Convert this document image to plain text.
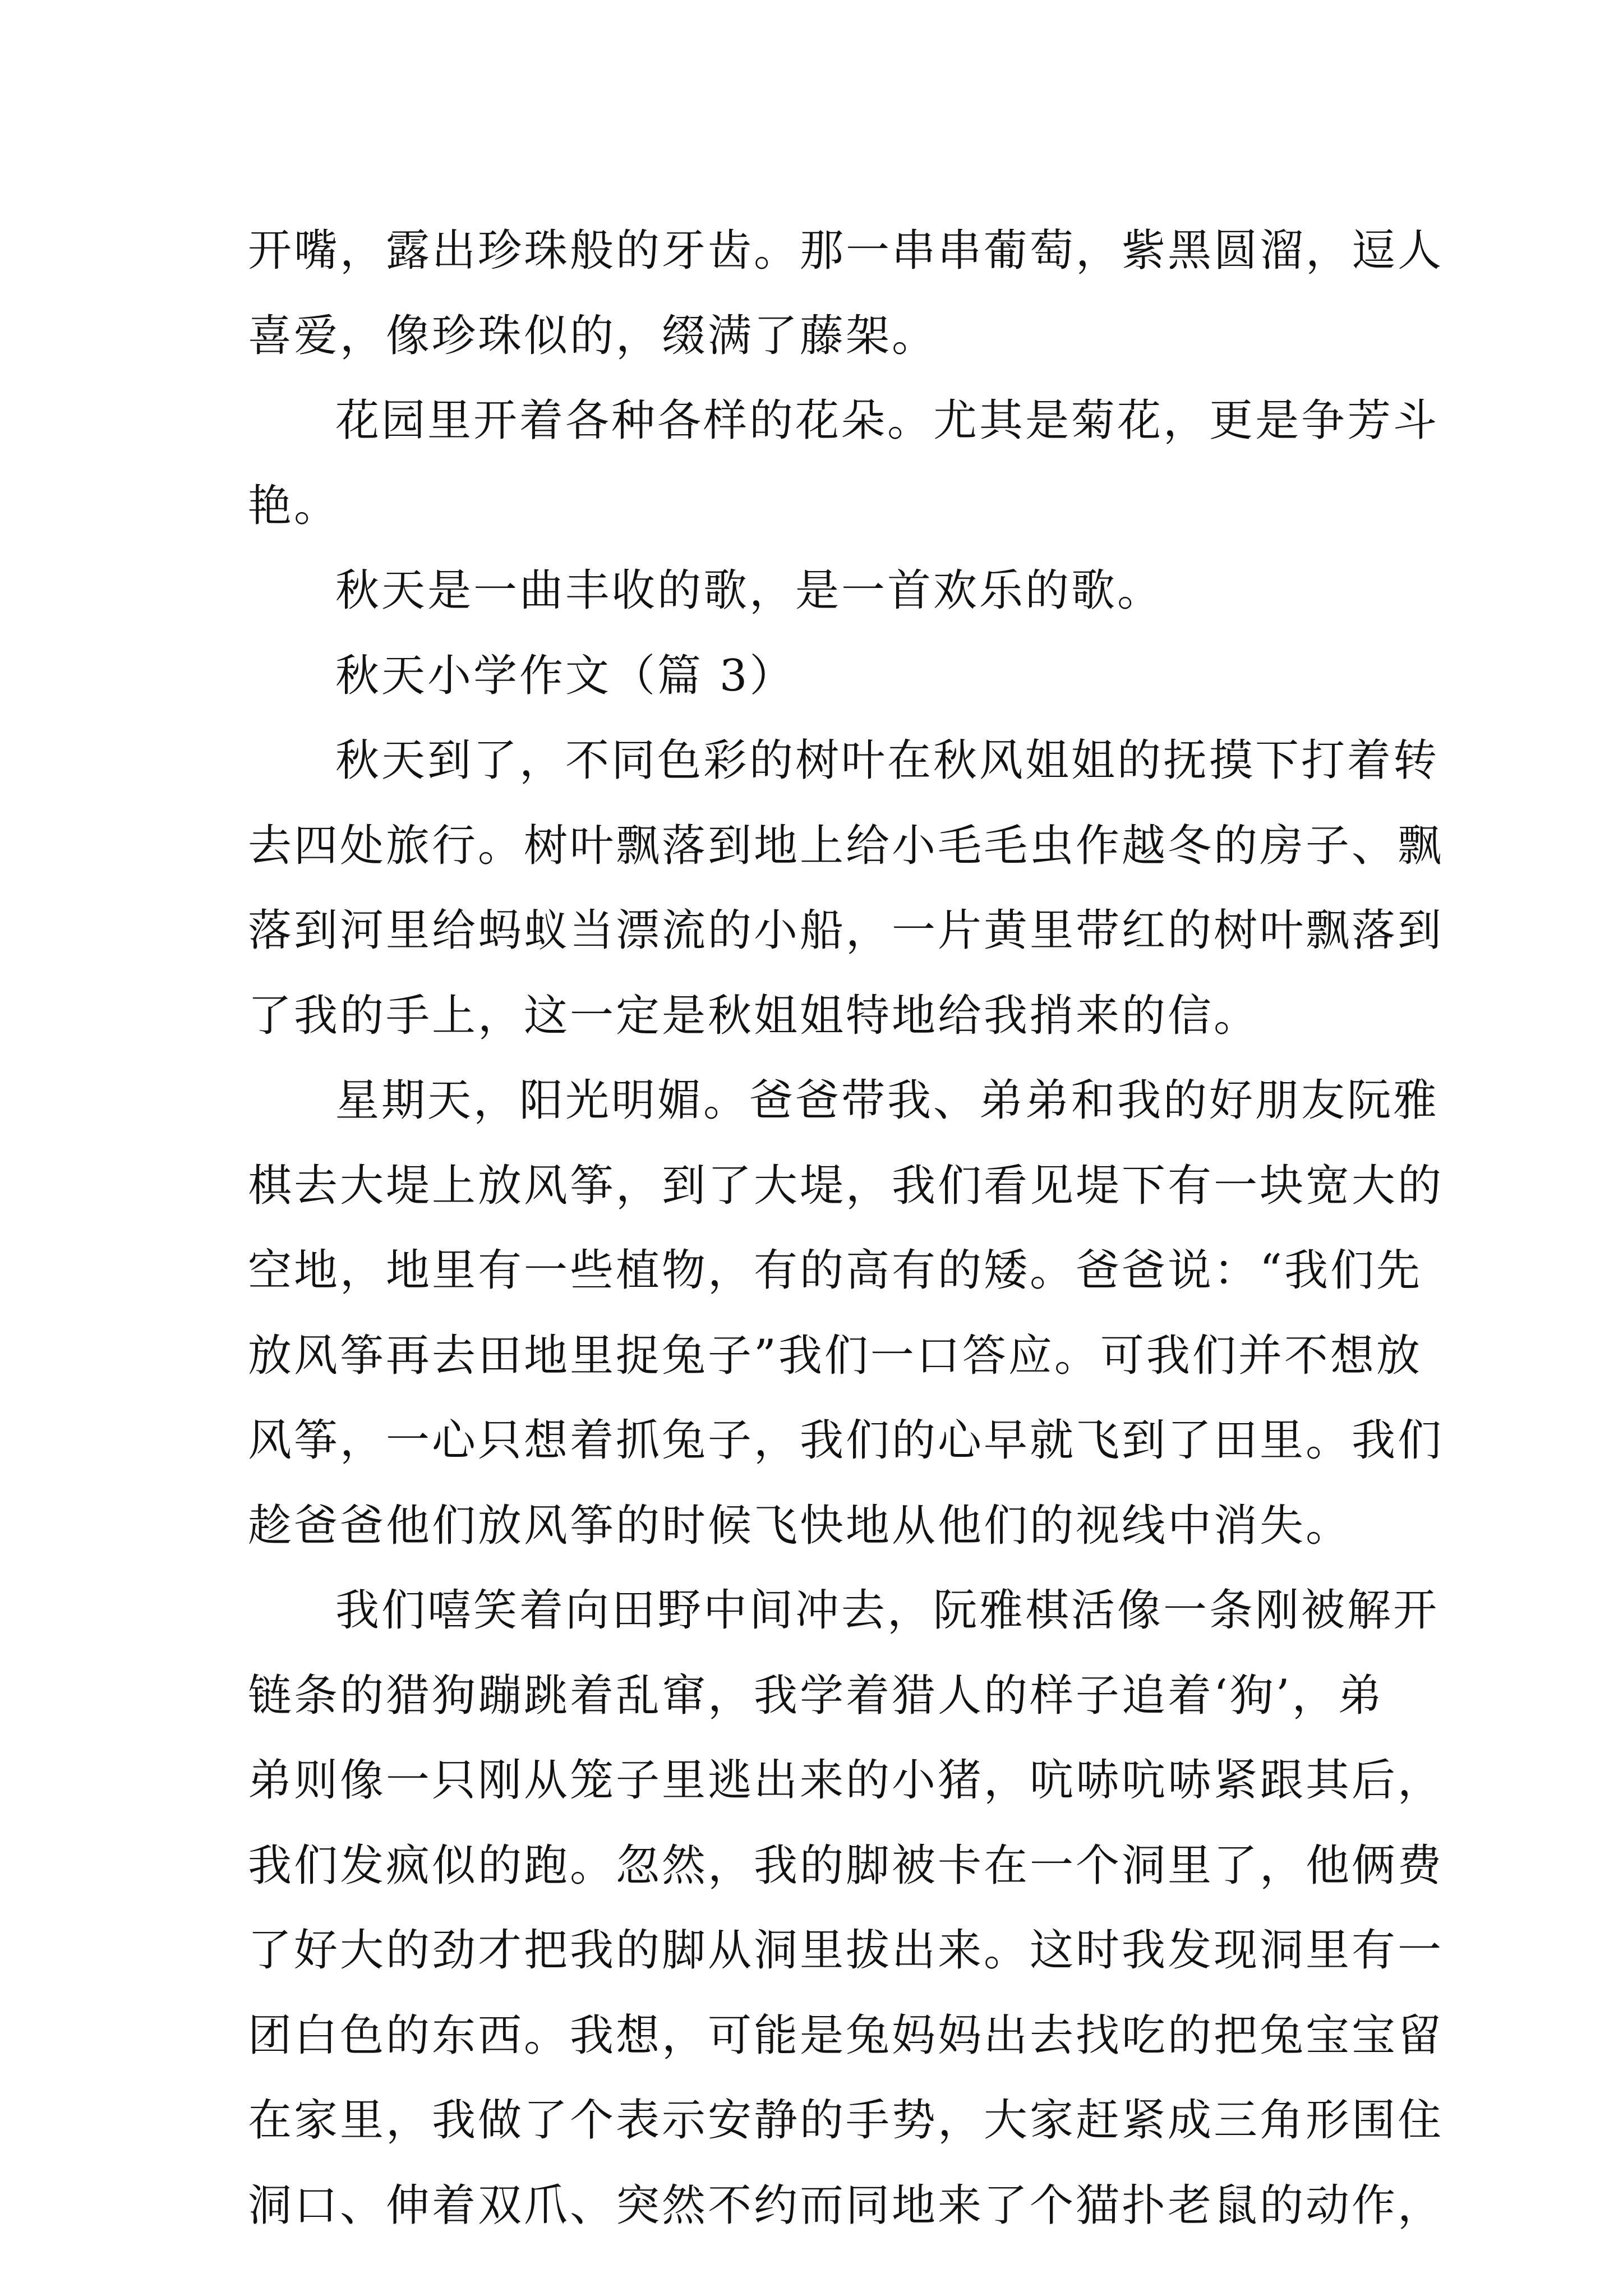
开嘴，露出珍珠般的牙齿。那一串串葡萄，紫黑圆溜，逗人
喜爱，像珍珠似的，缀满了藤架。
花园里开着各种各样的花朵。尤其是菊花，更是争芳斗
艳。
秋天是一曲丰收的歌，是一首欢乐的歌。
秋天小学作文（篇 3）
秋天到了，不同色彩的树叶在秋风姐姐的抚摸下打着转
去四处旅行。树叶飘落到地上给小毛毛虫作越冬的房子、飘
落到河里给蚂蚁当漂流的小船，一片黄里带红的树叶飘落到
了我的手上，这一定是秋姐姐特地给我捎来的信。
星期天，阳光明媚。爸爸带我、弟弟和我的好朋友阮雅
棋去大堤上放风筝，到了大堤，我们看见堤下有一块宽大的
空地，地里有一些植物，有的高有的矮。爸爸说：“我们先
放风筝再去田地里捉兔子”我们一口答应。可我们并不想放
风筝，一心只想着抓兔子，我们的心早就飞到了田里。我们
趁爸爸他们放风筝的时候飞快地从他们的视线中消失。
我们嘻笑着向田野中间冲去，阮雅棋活像一条刚被解开
链条的猎狗蹦跳着乱窜，我学着猎人的样子追着‘狗’，弟
弟则像一只刚从笼子里逃出来的小猪，吭哧吭哧紧跟其后，
我们发疯似的跑。忽然，我的脚被卡在一个洞里了，他俩费
了好大的劲才把我的脚从洞里拔出来。这时我发现洞里有一
团白色的东西。我想，可能是兔妈妈出去找吃的把兔宝宝留
在家里，我做了个表示安静的手势，大家赶紧成三角形围住
洞口、伸着双爪、突然不约而同地来了个猫扑老鼠的动作，
